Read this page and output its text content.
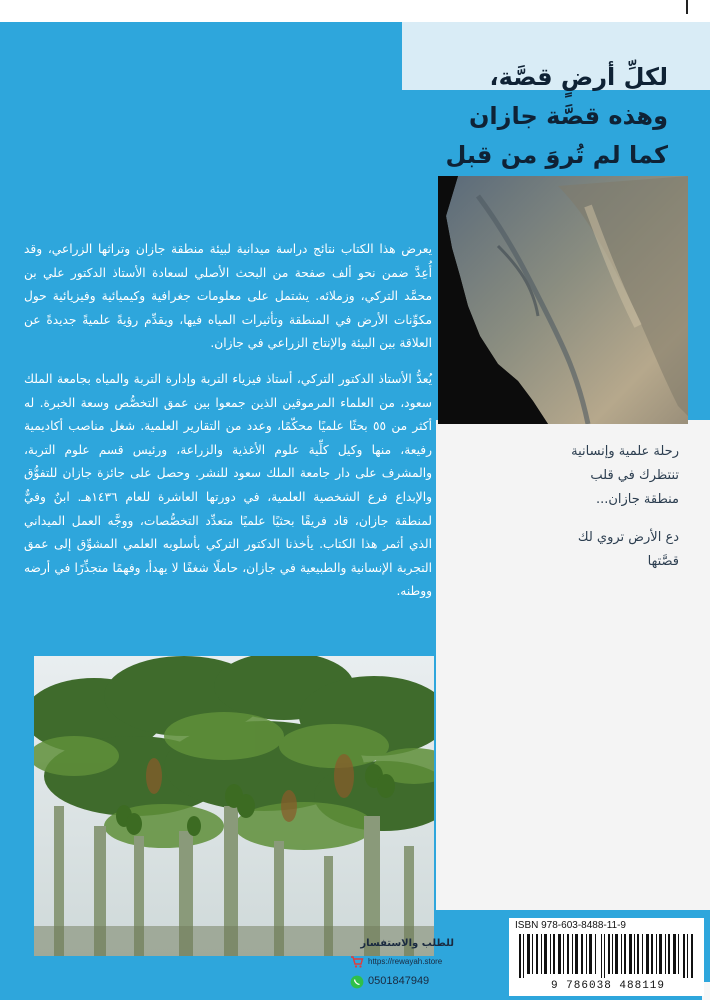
لكلِّ أرضٍ قصَّة،
وهذه قصَّة جازان
كما لم تُروَ من قبل

يعرض هذا الكتاب نتائج دراسة ميدانية لبيئة منطقة جازان وتراثها الزراعي، وقد أُعِدَّ ضمن نحو ألف صفحة من البحث الأصلي لسعادة الأستاذ الدكتور علي بن محمَّد التركي، وزملائه. يشتمل على معلومات جغرافية وكيميائية وفيزيائية حول مكوِّنات الأرض في المنطقة وتأثيرات المياه فيها، ويقدِّم رؤيةً علميةً جديدةً عن العلاقة بين البيئة والإنتاج الزراعي في جازان.

يُعدُّ الأستاذ الدكتور التركي، أستاذ فيزياء التربة وإدارة التربة والمياه بجامعة الملك سعود، من العلماء المرموقين الذين جمعوا بين عمق التخصُّص وسعة الخبرة. له أكثر من ٥٥ بحثًا علميًا محكّمًا، وعدد من التقارير العلمية. شغل مناصب أكاديمية رفيعة، منها وكيل كلِّية علوم الأغذية والزراعة، ورئيس قسم علوم التربة، والمشرف على دار جامعة الملك سعود للنشر. وحصل على جائزة جازان للتفوُّق والإبداع فرع الشخصية العلمية، في دورتها العاشرة للعام ١٤٣٦هـ. ابنٌ وفيٌّ لمنطقة جازان، قاد فريقًا بحثيًا علميًا متعدِّد التخصُّصات، ووجَّه العمل الميداني الذي أثمر هذا الكتاب. يأخذنا الدكتور التركي بأسلوبه العلمي المشوِّق إلى عمق التجربة الإنسانية والطبيعية في جازان، حاملًا شغفًا لا يهدأ، وفهمًا متجذِّرًا في أرضه ووطنه.

رحلة علمية وإنسانية
تنتظرك في قلب
منطقة جازان...
دع الأرض تروي لك
قصَّتها
للطلب والاستفسار
https://rewayah.store
0501847949
ISBN 978-603-8488-11-9
9 786038 488119
